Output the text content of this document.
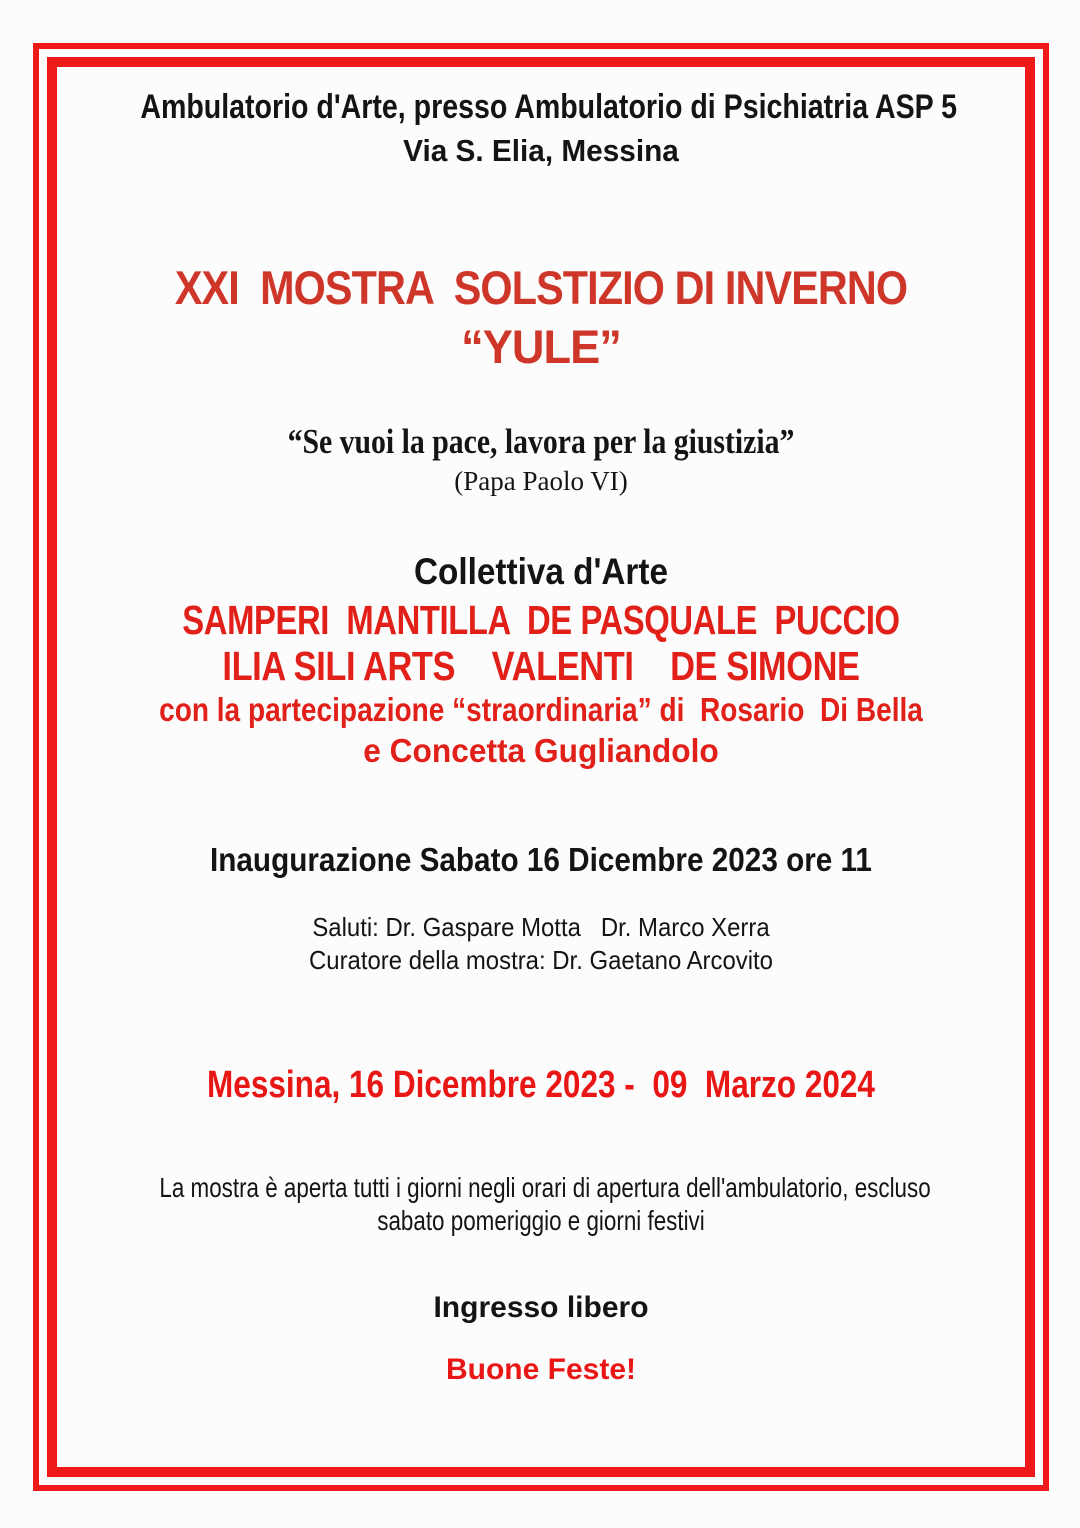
Ambulatorio d'Arte, presso Ambulatorio di Psichiatria ASP 5
Via S. Elia, Messina
XXI  MOSTRA  SOLSTIZIO DI INVERNO
“YULE”
“Se vuoi la pace, lavora per la giustizia”
(Papa Paolo VI)
Collettiva d'Arte
SAMPERI  MANTILLA  DE PASQUALE  PUCCIO
ILIA SILI ARTS    VALENTI    DE SIMONE
con la partecipazione “straordinaria” di  Rosario  Di Bella
e Concetta Gugliandolo
Inaugurazione Sabato 16 Dicembre 2023 ore 11
Saluti: Dr. Gaspare Motta   Dr. Marco Xerra
Curatore della mostra: Dr. Gaetano Arcovito
Messina, 16 Dicembre 2023 -  09  Marzo 2024
La mostra è aperta tutti i giorni negli orari di apertura dell'ambulatorio, escluso
sabato pomeriggio e giorni festivi
Ingresso libero
Buone Feste!
